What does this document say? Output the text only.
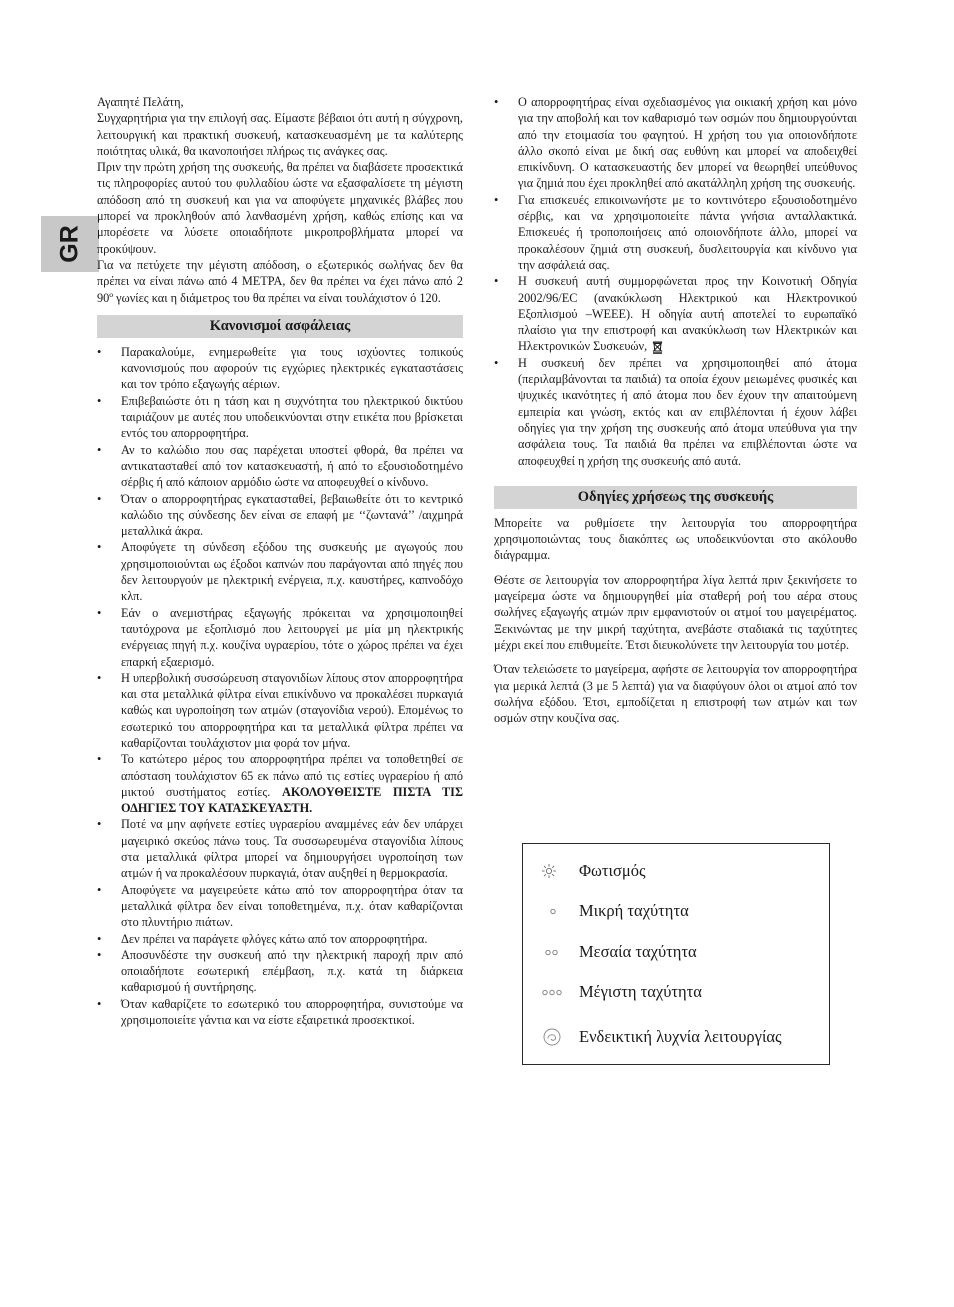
GR

Αγαπητέ Πελάτη,

Συγχαρητήρια για την επιλογή σας. Είμαστε βέβαιοι ότι αυτή η σύγχρονη, λειτουργική και πρακτική συσκευή, κατασκευασμένη με τα καλύτερης ποιότητας υλικά, θα ικανοποιήσει πλήρως τις ανάγκες σας.

Πριν την πρώτη χρήση της συσκευής, θα πρέπει να διαβάσετε προσεκτικά τις πληροφορίες αυτού του φυλλαδίου ώστε να εξασφαλίσετε τη μέγιστη απόδοση από τη συσκευή και για να αποφύγετε μηχανικές βλάβες που μπορεί να προκληθούν από λανθασμένη χρήση, καθώς επίσης και να μπορέσετε να λύσετε οποιαδήποτε μικροπροβλήματα μπορεί να προκύψουν.

Για να πετύχετε την μέγιστη απόδοση, ο εξωτερικός σωλήνας δεν θα πρέπει να είναι πάνω από 4 ΜΕΤΡΑ, δεν θα πρέπει να έχει πάνω από 2 90º γωνίες και η διάμετρος του θα πρέπει να είναι τουλάχιστον ό 120.

Κανονισμοί ασφάλειας
• Παρακαλούμε, ενημερωθείτε για τους ισχύοντες τοπικούς κανονισμούς που αφορούν τις εγχώριες ηλεκτρικές εγκαταστάσεις και τον τρόπο εξαγωγής αέριων.
• Επιβεβαιώστε ότι η τάση και η συχνότητα του ηλεκτρικού δικτύου ταιριάζουν με αυτές που υποδεικνύονται στην ετικέτα που βρίσκεται εντός του απορροφητήρα.
• Αν το καλώδιο που σας παρέχεται υποστεί φθορά, θα πρέπει να αντικατασταθεί από τον κατασκευαστή, ή από το εξουσιοδοτημένο σέρβις ή από κάποιον αρμόδιο ώστε να αποφευχθεί ο κίνδυνο.
• Όταν ο απορροφητήρας εγκατασταθεί, βεβαιωθείτε ότι το κεντρικό καλώδιο της σύνδεσης δεν είναι σε επαφή με ‘‘ζωντανά’’ /αιχμηρά μεταλλικά άκρα.
• Αποφύγετε τη σύνδεση εξόδου της συσκευής με αγωγούς που χρησιμοποιούνται ως έξοδοι καπνών που παράγονται από πηγές που δεν λειτουργούν με ηλεκτρική ενέργεια, π.χ. καυστήρες, καπνοδόχο κλπ.
• Εάν ο ανεμιστήρας εξαγωγής πρόκειται να χρησιμοποιηθεί ταυτόχρονα με εξοπλισμό που λειτουργεί με μία μη ηλεκτρικής ενέργειας πηγή π.χ. κουζίνα υγραερίου, τότε ο χώρος πρέπει να έχει επαρκή εξαερισμό.
• Η υπερβολική συσσώρευση σταγονιδίων λίπους στον απορροφητήρα και στα μεταλλικά φίλτρα είναι επικίνδυνο να προκαλέσει πυρκαγιά καθώς και υγροποίηση των ατμών (σταγονίδια νερού). Επομένως το εσωτερικό του απορροφητήρα και τα μεταλλικά φίλτρα πρέπει να καθαρίζονται τουλάχιστον μια φορά τον μήνα.
• Το κατώτερο μέρος του απορροφητήρα πρέπει να τοποθετηθεί σε απόσταση τουλάχιστον 65 εκ πάνω από τις εστίες υγραερίου ή από μικτού συστήματος εστίες. ΑΚΟΛΟΥΘΕΙΣΤΕ ΠΙΣΤΑ ΤΙΣ ΟΔΗΓΙΕΣ ΤΟΥ ΚΑΤΑΣΚΕΥΑΣΤΗ.
• Ποτέ να μην αφήνετε εστίες υγραερίου αναμμένες εάν δεν υπάρχει μαγειρικό σκεύος πάνω τους. Τα συσσωρευμένα σταγονίδια λίπους στα μεταλλικά φίλτρα μπορεί να δημιουργήσει υγροποίηση των ατμών ή να προκαλέσουν πυρκαγιά, όταν αυξηθεί η θερμοκρασία.
• Αποφύγετε να μαγειρεύετε κάτω από τον απορροφητήρα όταν τα μεταλλικά φίλτρα δεν είναι τοποθετημένα, π.χ. όταν καθαρίζονται στο πλυντήριο πιάτων.
• Δεν πρέπει να παράγετε φλόγες κάτω από τον απορροφητήρα.
• Αποσυνδέστε την συσκευή από την ηλεκτρική παροχή πριν από οποιαδήποτε εσωτερική επέμβαση, π.χ. κατά τη διάρκεια καθαρισμού ή συντήρησης.
• Όταν καθαρίζετε το εσωτερικό του απορροφητήρα, συνιστούμε να χρησιμοποιείτε γάντια και να είστε εξαιρετικά προσεκτικοί.
• Ο απορροφητήρας είναι σχεδιασμένος για οικιακή χρήση και μόνο για την αποβολή και τον καθαρισμό των οσμών που δημιουργούνται από την ετοιμασία του φαγητού. Η χρήση του για οποιονδήποτε άλλο σκοπό είναι με δική σας ευθύνη και μπορεί να αποδειχθεί επικίνδυνη. Ο κατασκευαστής δεν μπορεί να θεωρηθεί υπεύθυνος για ζημιά που έχει προκληθεί από ακατάλληλη χρήση της συσκευής.
• Για επισκευές επικοινωνήστε με το κοντινότερο εξουσιοδοτημένο σέρβις, και να χρησιμοποιείτε πάντα γνήσια ανταλλακτικά. Επισκευές ή τροποποιήσεις από οποιονδήποτε άλλο, μπορεί να προκαλέσουν ζημιά στη συσκευή, δυσλειτουργία και κίνδυνο για την ασφάλειά σας.
• Η συσκευή αυτή συμμορφώνεται προς την Κοινοτική Οδηγία 2002/96/EC (ανακύκλωση Ηλεκτρικού και Ηλεκτρονικού Εξοπλισμού –WEEE). Η οδηγία αυτή αποτελεί το ευρωπαϊκό πλαίσιο για την επιστροφή και ανακύκλωση των Ηλεκτρικών και Ηλεκτρονικών Συσκευών,
• Η συσκευή δεν πρέπει να χρησιμοποιηθεί από άτομα (περιλαμβάνονται τα παιδιά) τα οποία έχουν μειωμένες φυσικές και ψυχικές ικανότητες ή από άτομα που δεν έχουν την απαιτούμενη εμπειρία και γνώση, εκτός και αν επιβλέπονται ή έχουν λάβει οδηγίες για την χρήση της συσκευής από άτομα υπεύθυνα για την ασφάλεια τους. Τα παιδιά θα πρέπει να επιβλέπονται ώστε να αποφευχθεί η χρήση της συσκευής από αυτά.
Οδηγίες χρήσεως της συσκευής

Μπορείτε να ρυθμίσετε την λειτουργία του απορροφητήρα χρησιμοποιώντας τους διακόπτες ως υποδεικνύονται στο ακόλουθο διάγραμμα.

Θέστε σε λειτουργία τον απορροφητήρα λίγα λεπτά πριν ξεκινήσετε το μαγείρεμα ώστε να δημιουργηθεί μία σταθερή ροή του αέρα στους σωλήνες εξαγωγής ατμών πριν εμφανιστούν οι ατμοί του μαγειρέματος. Ξεκινώντας με την μικρή ταχύτητα, ανεβάστε σταδιακά τις ταχύτητες μέχρι εκεί που επιθυμείτε. Έτσι διευκολύνετε την λειτουργία του μοτέρ.

Όταν τελειώσετε το μαγείρεμα, αφήστε σε λειτουργία τον απορροφητήρα για μερικά λεπτά (3 με 5 λεπτά) για να διαφύγουν όλοι οι ατμοί από τον σωλήνα εξόδου. Έτσι, εμποδίζεται η επιστροφή των ατμών και των οσμών στην κουζίνα σας.

Φωτισμός
Μικρή ταχύτητα
Μεσαία ταχύτητα
Μέγιστη ταχύτητα
Ενδεικτική λυχνία λειτουργίας
